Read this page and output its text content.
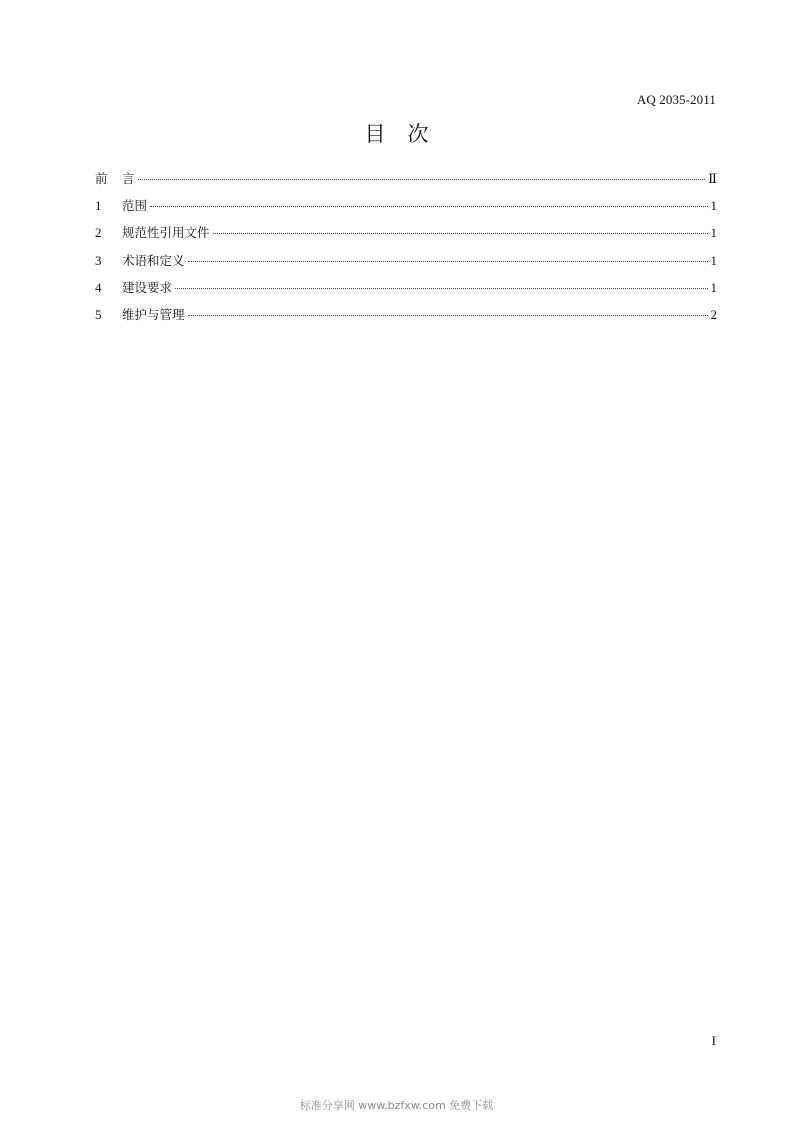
AQ 2035-2011
目次
前	言	Ⅱ
1	范围	1
2	规范性引用文件	1
3	术语和定义	1
4	建设要求	1
5	维护与管理	2
I
标准分享网 www.bzfxw.com 免费下载
